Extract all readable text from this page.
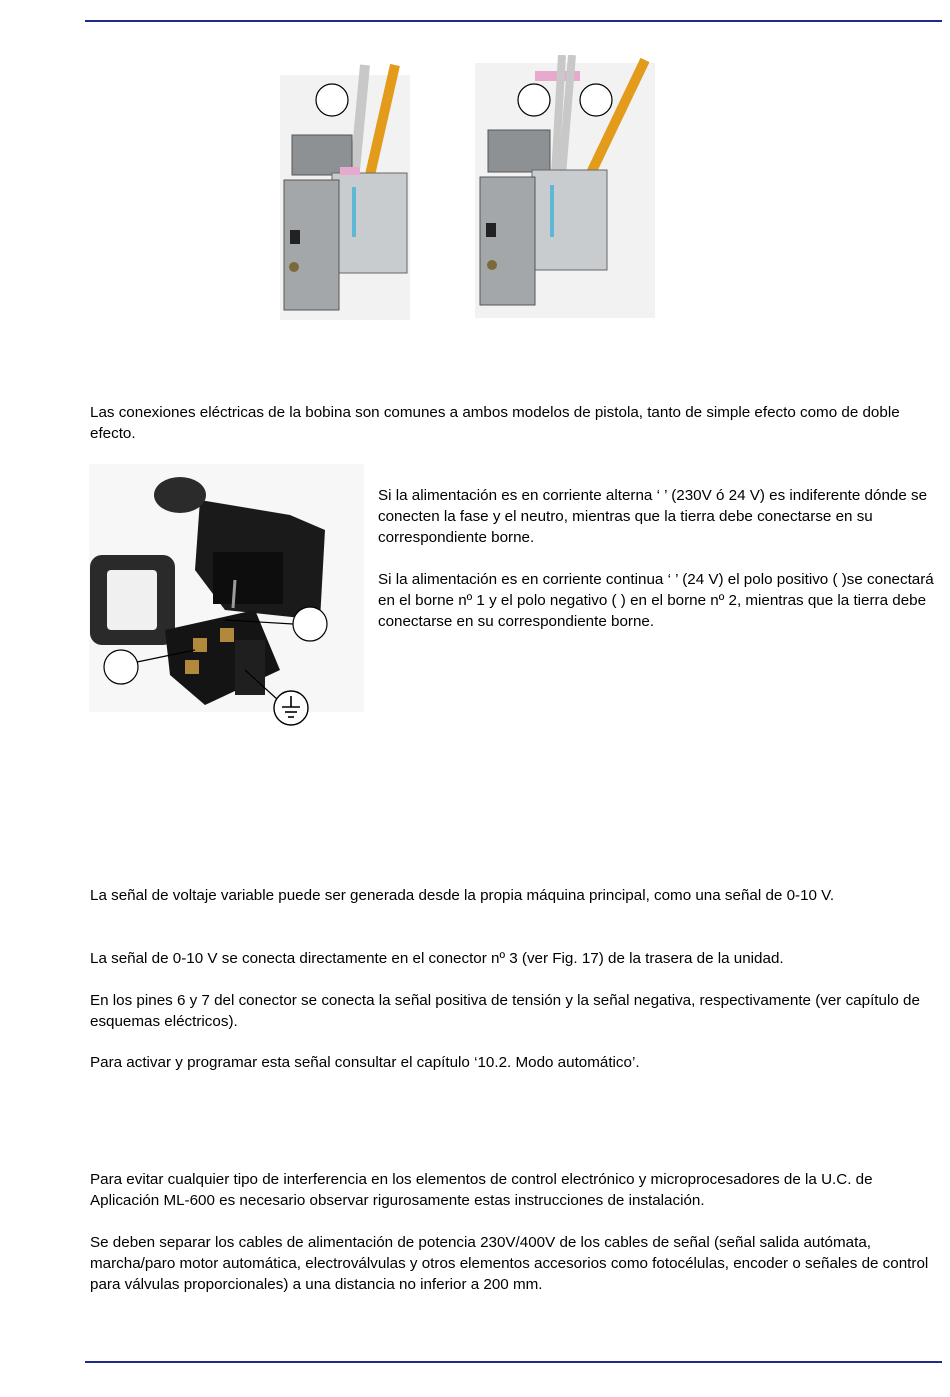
Las conexiones eléctricas de la bobina son comunes a ambos modelos de pistola, tanto de simple efecto como de doble efecto.

Si la alimentación es en corriente alterna ‘ ’ (230V ó 24 V) es indiferente dónde se conecten la fase y el neutro, mientras que la tierra debe conectarse en su correspondiente borne.

Si la alimentación es en corriente continua ‘ ’ (24 V) el polo positivo ( )se conectará en el borne nº 1 y el polo negativo ( ) en el borne nº 2, mientras que la tierra debe conectarse en su correspondiente borne.

La señal de voltaje variable puede ser generada desde la propia máquina principal, como una señal de 0-10 V.

La señal de 0-10 V se conecta directamente en el conector nº 3 (ver Fig. 17) de la trasera de la unidad.

En los pines 6 y 7 del conector se conecta la señal positiva de tensión y la señal negativa, respectivamente (ver capítulo de esquemas eléctricos).

Para activar y programar esta señal consultar el capítulo ‘10.2. Modo automático’.

Para evitar cualquier tipo de interferencia en los elementos de control electrónico y microprocesadores de la U.C. de Aplicación ML-600 es necesario observar rigurosamente estas instrucciones de instalación.

Se deben separar los cables de alimentación de potencia 230V/400V de los cables de señal (señal salida autómata, marcha/paro motor automática, electroválvulas y otros elementos accesorios como fotocélulas, encoder o señales de control para válvulas proporcionales) a una distancia no inferior a 200 mm.
